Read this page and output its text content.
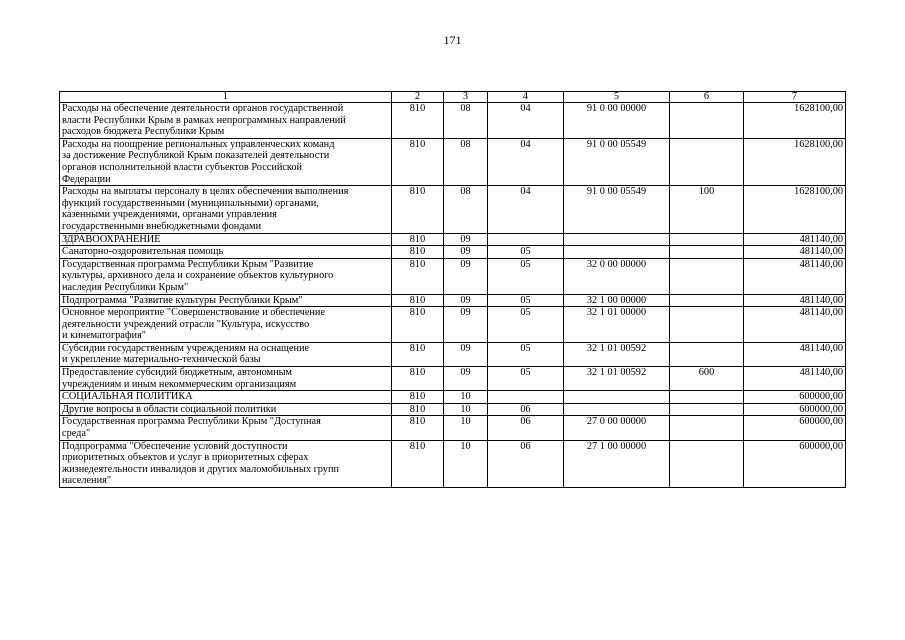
171
1	2	3	4	5	6	7
Расходы на обеспечение деятельности органов государственной
власти Республики Крым в рамках непрограммных направлений
расходов бюджета Республики Крым	810	08	04	91 0 00 00000		1628100,00
Расходы на поощрение региональных управленческих команд
за достижение Республикой Крым показателей деятельности
органов исполнительной власти субъектов Российской
Федерации	810	08	04	91 0 00 05549		1628100,00
Расходы на выплаты персоналу в целях обеспечения выполнения
функций государственными (муниципальными) органами,
казенными учреждениями, органами управления
государственными внебюджетными фондами	810	08	04	91 0 00 05549	100	1628100,00
ЗДРАВООХРАНЕНИЕ	810	09				481140,00
Санаторно-оздоровительная помощь	810	09	05			481140,00
Государственная программа Республики Крым "Развитие
культуры, архивного дела и сохранение объектов культурного
наследия Республики Крым"	810	09	05	32 0 00 00000		481140,00
Подпрограмма "Развитие культуры Республики Крым"	810	09	05	32 1 00 00000		481140,00
Основное мероприятие "Совершенствование и обеспечение
деятельности учреждений отрасли "Культура, искусство
и кинематография"	810	09	05	32 1 01 00000		481140,00
Субсидии государственным учреждениям на оснащение
и укрепление материально-технической базы	810	09	05	32 1 01 00592		481140,00
Предоставление субсидий бюджетным, автономным
учреждениям и иным некоммерческим организациям	810	09	05	32 1 01 00592	600	481140,00
СОЦИАЛЬНАЯ ПОЛИТИКА	810	10				600000,00
Другие вопросы в области социальной политики	810	10	06			600000,00
Государственная программа Республики Крым "Доступная
среда"	810	10	06	27 0 00 00000		600000,00
Подпрограмма "Обеспечение условий доступности
приоритетных объектов и услуг в приоритетных сферах
жизнедеятельности инвалидов и других маломобильных групп
населения"	810	10	06	27 1 00 00000		600000,00
